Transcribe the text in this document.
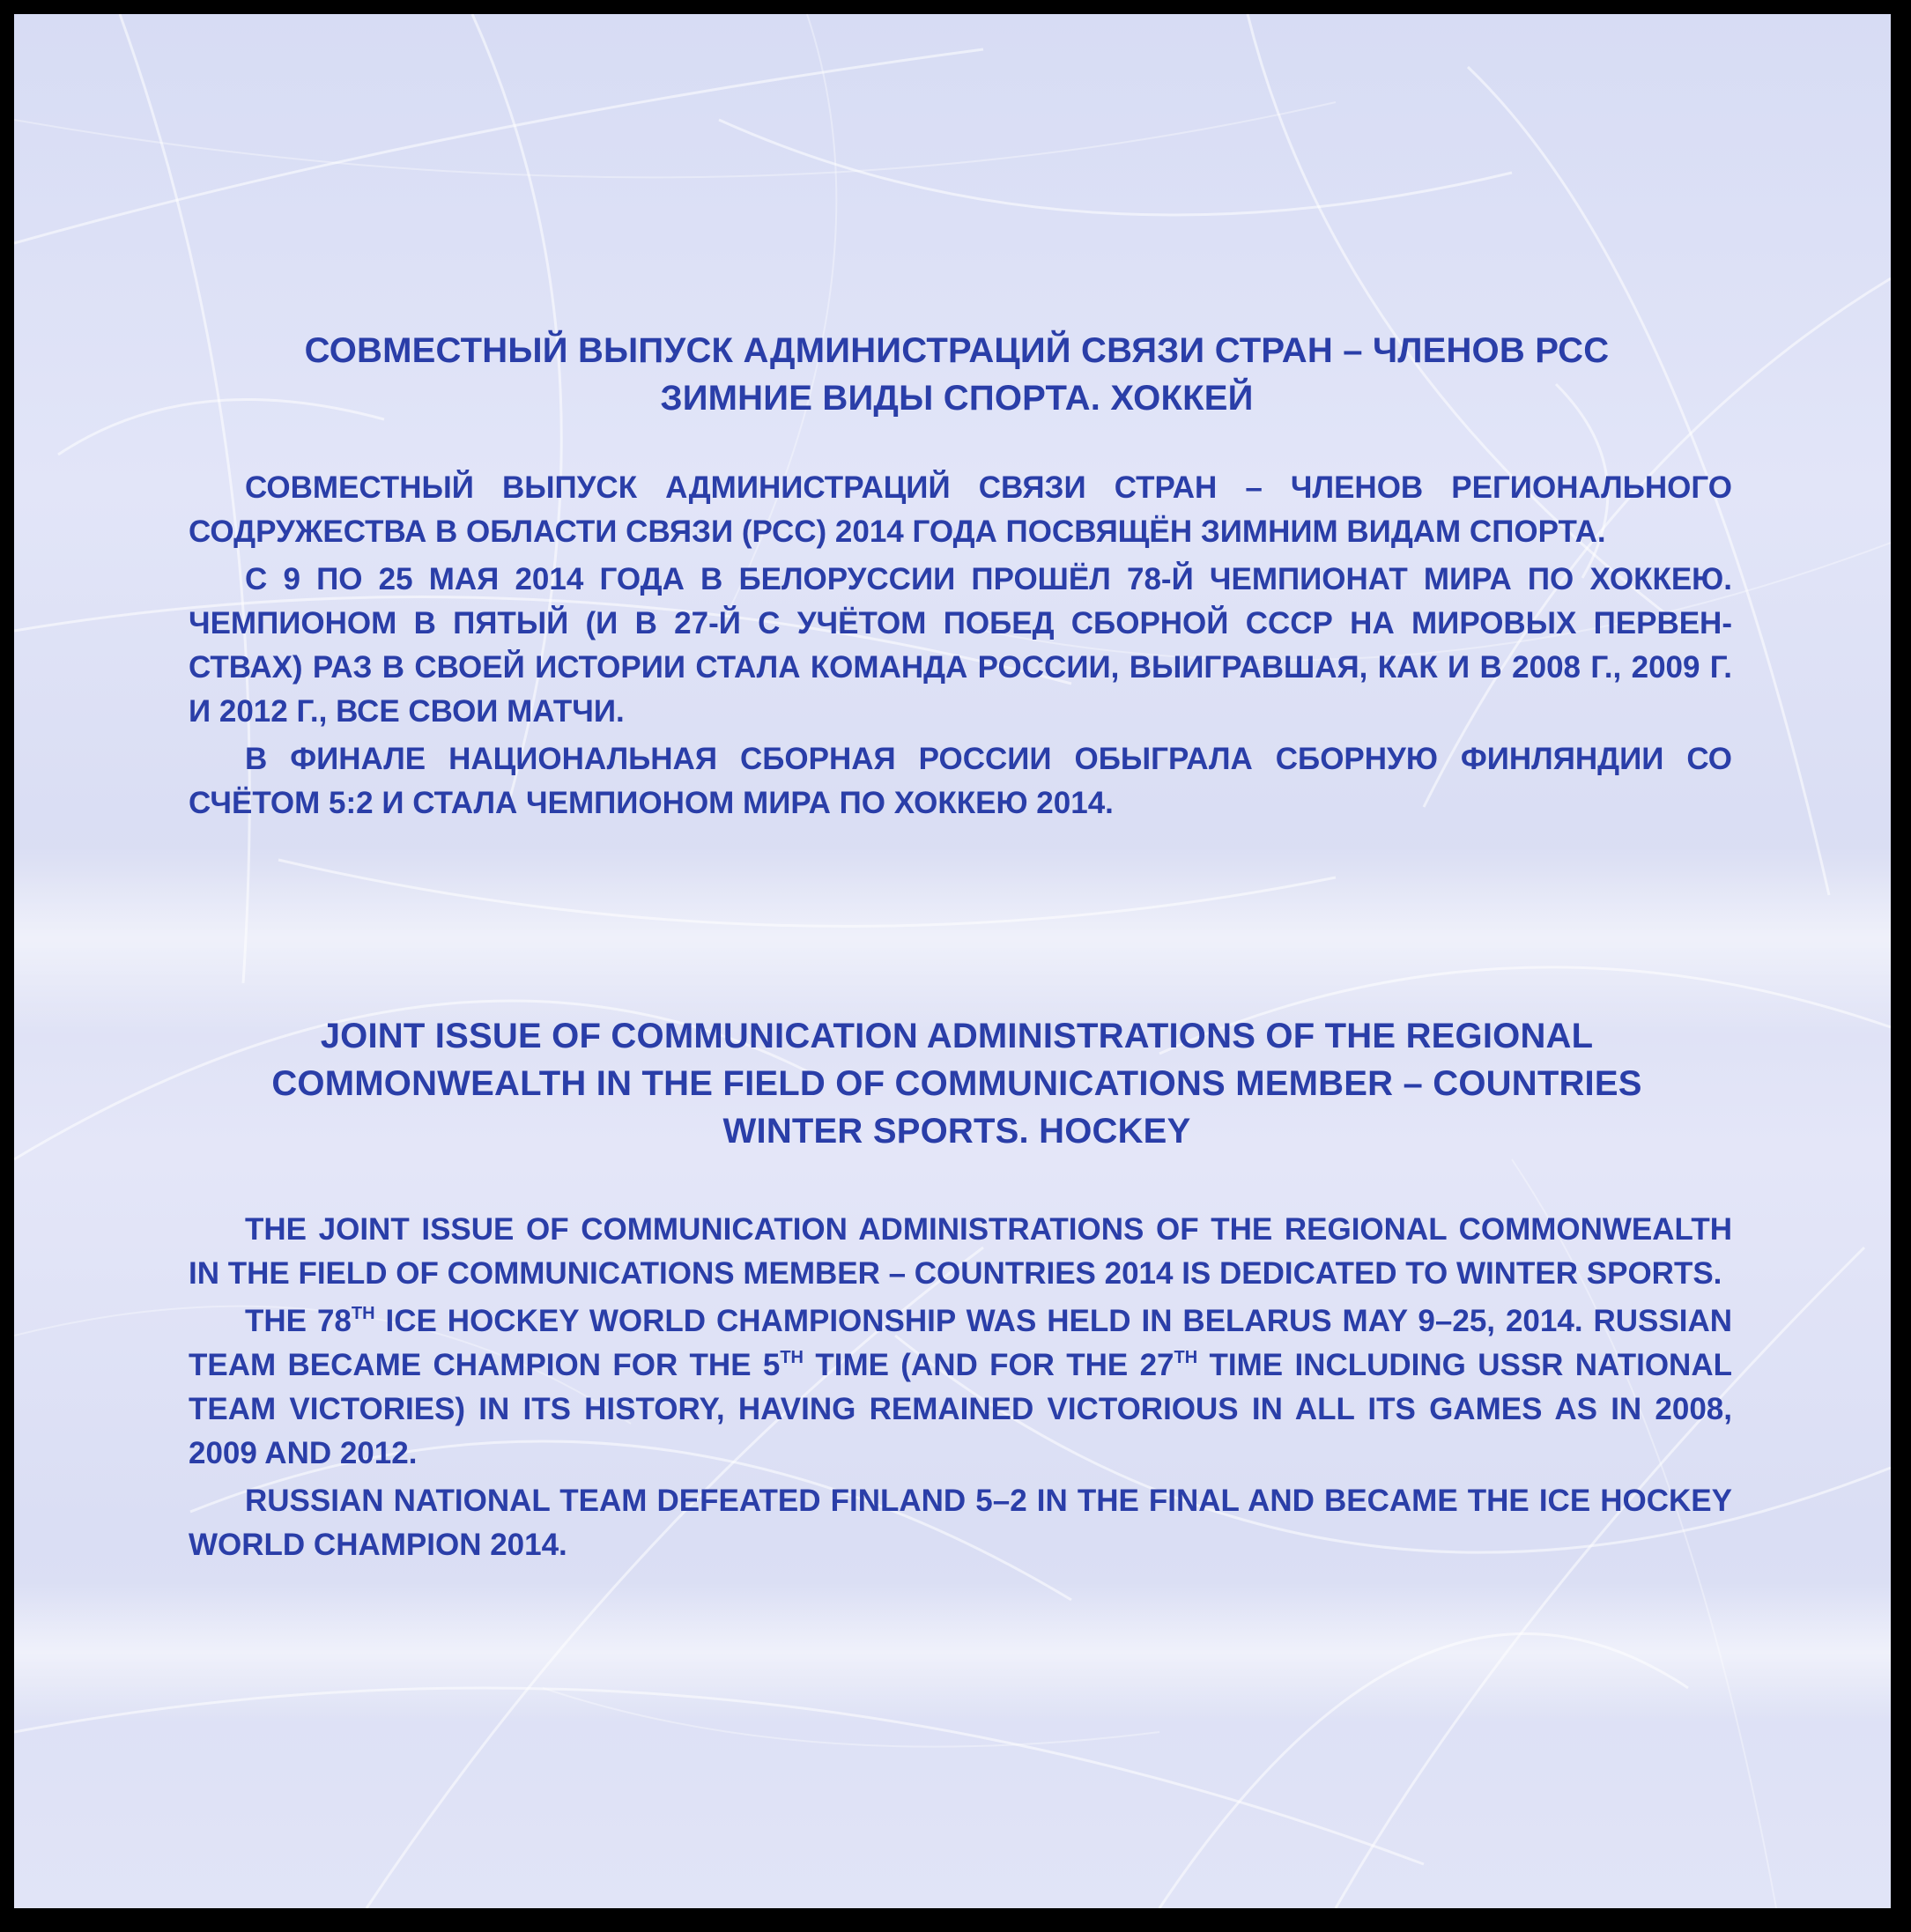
СОВМЕСТНЫЙ ВЫПУСК АДМИНИСТРАЦИЙ СВЯЗИ СТРАН – ЧЛЕНОВ РСС
ЗИМНИЕ ВИДЫ СПОРТА. ХОККЕЙ

СОВМЕСТНЫЙ ВЫПУСК АДМИНИСТРАЦИЙ СВЯЗИ СТРАН – ЧЛЕНОВ РЕГИОНАЛЬНОГО СОДРУЖЕСТВА В ОБЛАСТИ СВЯЗИ (РСС) 2014 ГОДА ПОСВЯЩЁН ЗИМНИМ ВИДАМ СПОРТА.

С 9 ПО 25 МАЯ 2014 ГОДА В БЕЛОРУССИИ ПРОШЁЛ 78-Й ЧЕМПИОНАТ МИРА ПО ХОККЕЮ. ЧЕМПИОНОМ В ПЯТЫЙ (И В 27-Й С УЧЁТОМ ПОБЕД СБОРНОЙ СССР НА МИРОВЫХ ПЕРВЕН-СТВАХ) РАЗ В СВОЕЙ ИСТОРИИ СТАЛА КОМАНДА РОССИИ, ВЫИГРАВШАЯ, КАК И В 2008 Г., 2009 Г. И 2012 Г., ВСЕ СВОИ МАТЧИ.

В ФИНАЛЕ НАЦИОНАЛЬНАЯ СБОРНАЯ РОССИИ ОБЫГРАЛА СБОРНУЮ ФИНЛЯНДИИ СО СЧЁТОМ 5:2 И СТАЛА ЧЕМПИОНОМ МИРА ПО ХОККЕЮ 2014.

JOINT ISSUE OF COMMUNICATION ADMINISTRATIONS OF THE REGIONAL
COMMONWEALTH IN THE FIELD OF COMMUNICATIONS MEMBER – COUNTRIES
WINTER SPORTS. HOCKEY

THE JOINT ISSUE OF COMMUNICATION ADMINISTRATIONS OF THE REGIONAL COMMONWEALTH IN THE FIELD OF COMMUNICATIONS MEMBER – COUNTRIES 2014 IS DEDICATED TO WINTER SPORTS.

THE 78TH ICE HOCKEY WORLD CHAMPIONSHIP WAS HELD IN BELARUS MAY 9–25, 2014. RUSSIAN TEAM BECAME CHAMPION FOR THE 5TH TIME (AND FOR THE 27TH TIME INCLUDING USSR NATIONAL TEAM VICTORIES) IN ITS HISTORY, HAVING REMAINED VICTORIOUS IN ALL ITS GAMES AS IN 2008, 2009 AND 2012.

RUSSIAN NATIONAL TEAM DEFEATED FINLAND 5–2 IN THE FINAL AND BECAME THE ICE HOCKEY WORLD CHAMPION 2014.
